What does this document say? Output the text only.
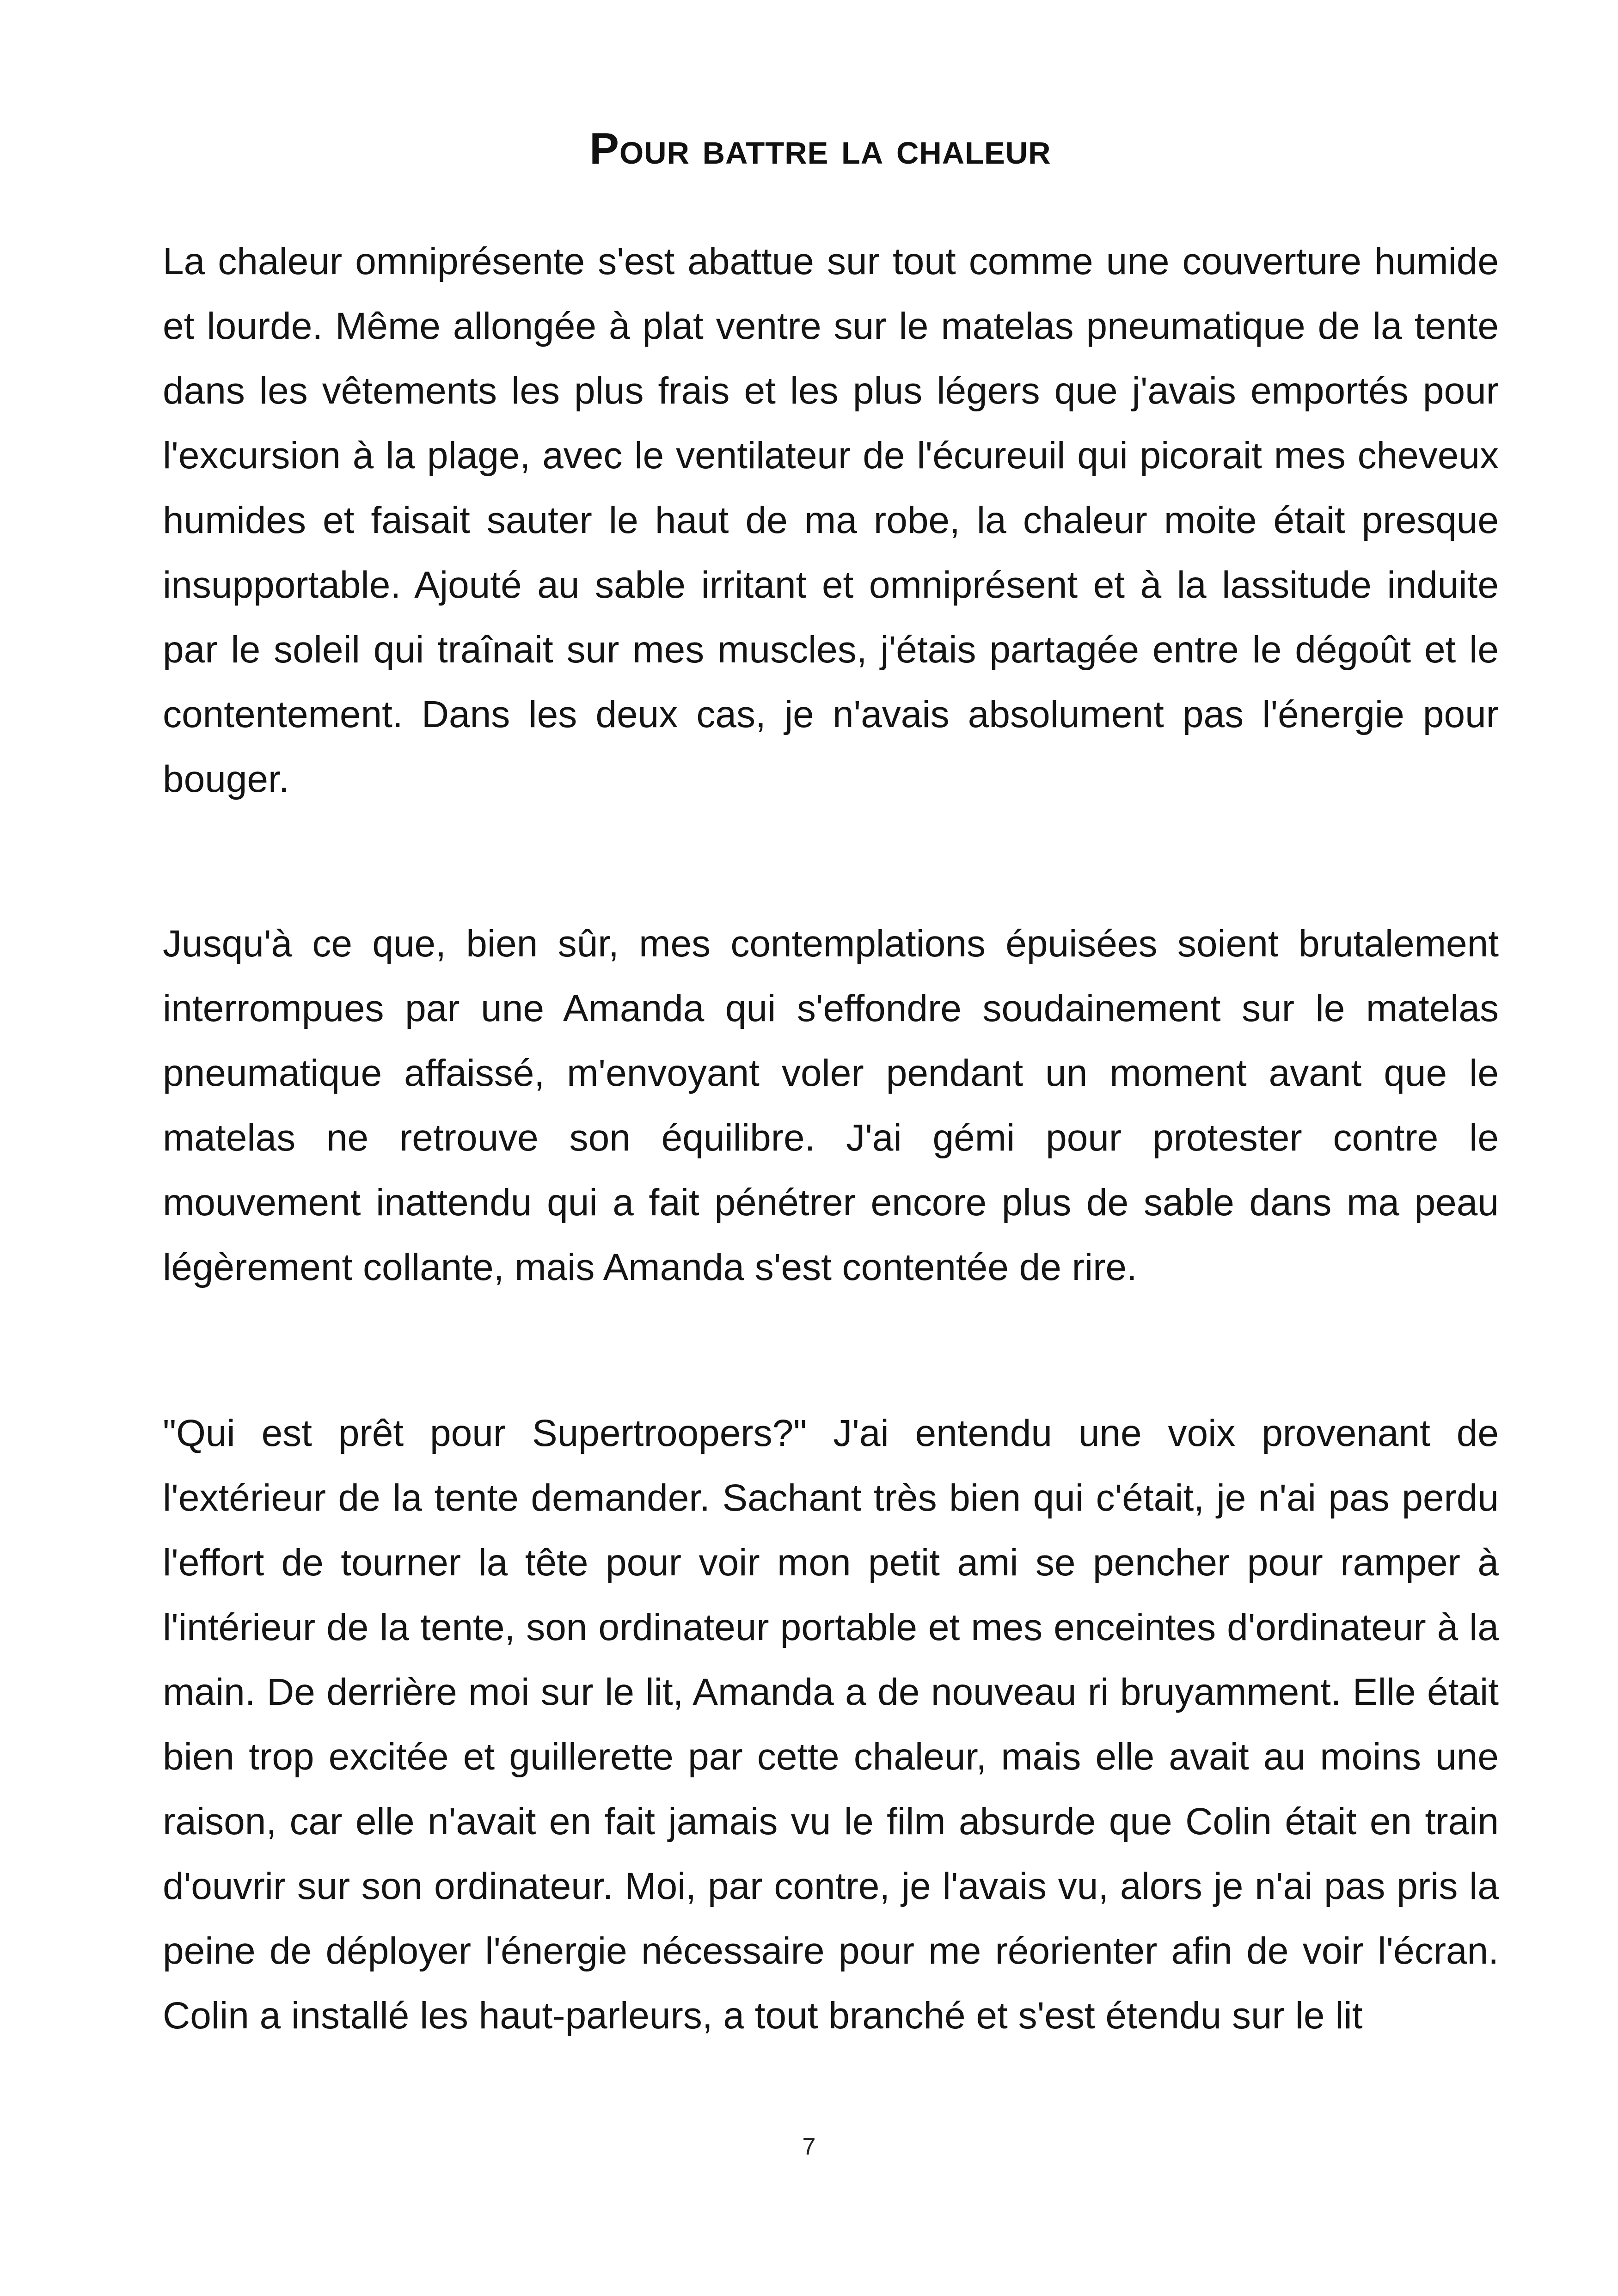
Pour battre la chaleur

La chaleur omniprésente s'est abattue sur tout comme une couverture humide et lourde. Même allongée à plat ventre sur le matelas pneumatique de la tente dans les vêtements les plus frais et les plus légers que j'avais emportés pour l'excursion à la plage, avec le ventilateur de l'écureuil qui picorait mes cheveux humides et faisait sauter le haut de ma robe, la chaleur moite était presque insupportable. Ajouté au sable irritant et omniprésent et à la lassitude induite par le soleil qui traînait sur mes muscles, j'étais partagée entre le dégoût et le contentement. Dans les deux cas, je n'avais absolument pas l'énergie pour bouger.

Jusqu'à ce que, bien sûr, mes contemplations épuisées soient brutalement interrompues par une Amanda qui s'effondre soudainement sur le matelas pneumatique affaissé, m'envoyant voler pendant un moment avant que le matelas ne retrouve son équilibre. J'ai gémi pour protester contre le mouvement inattendu qui a fait pénétrer encore plus de sable dans ma peau légèrement collante, mais Amanda s'est contentée de rire.

"Qui est prêt pour Supertroopers?" J'ai entendu une voix provenant de l'extérieur de la tente demander. Sachant très bien qui c'était, je n'ai pas perdu l'effort de tourner la tête pour voir mon petit ami se pencher pour ramper à l'intérieur de la tente, son ordinateur portable et mes enceintes d'ordinateur à la main. De derrière moi sur le lit, Amanda a de nouveau ri bruyamment. Elle était bien trop excitée et guillerette par cette chaleur, mais elle avait au moins une raison, car elle n'avait en fait jamais vu le film absurde que Colin était en train d'ouvrir sur son ordinateur. Moi, par contre, je l'avais vu, alors je n'ai pas pris la peine de déployer l'énergie nécessaire pour me réorienter afin de voir l'écran. Colin a installé les haut-parleurs, a tout branché et s'est étendu sur le lit

7
